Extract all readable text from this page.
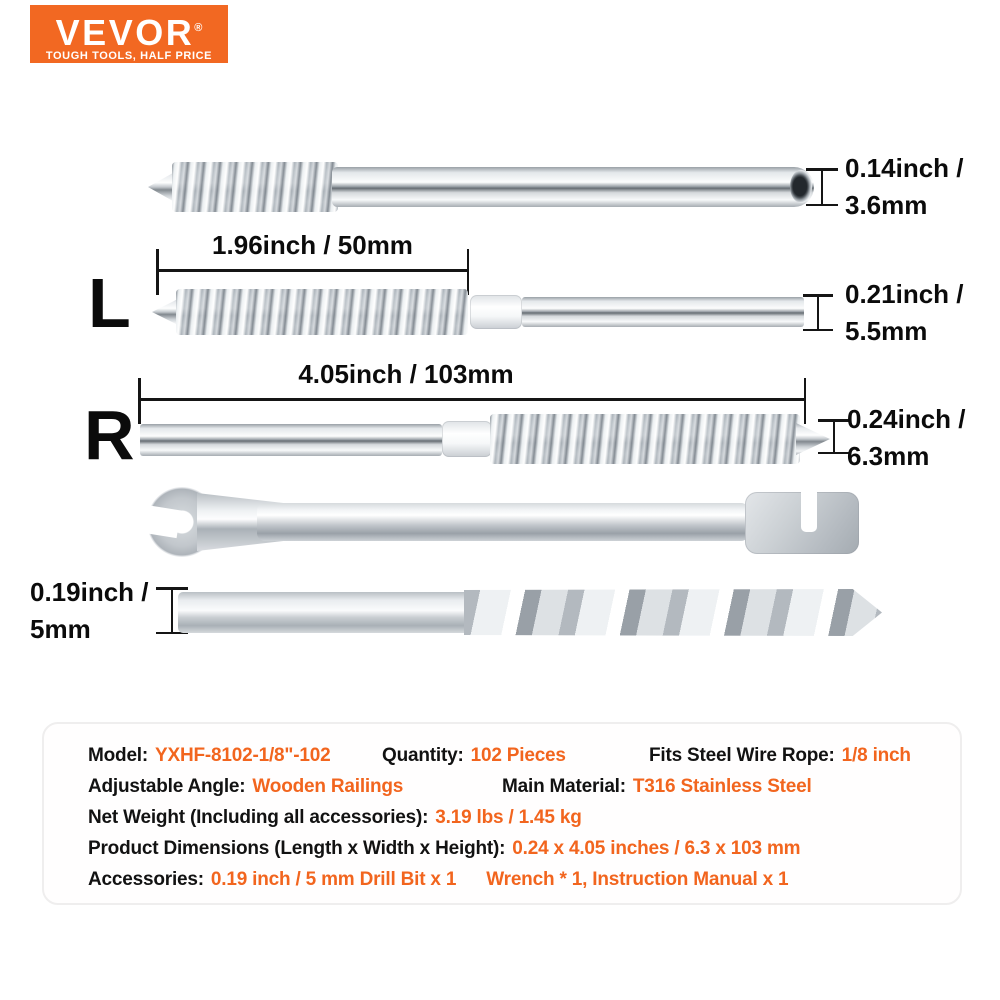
VEVOR®
TOUGH TOOLS, HALF PRICE
0.14inch /
3.6mm
L
1.96inch / 50mm
0.21inch /
5.5mm
R
4.05inch / 103mm
0.24inch /
6.3mm
0.19inch /
5mm
Model: YXHF-8102-1/8"-102	Quantity: 102 Pieces	Fits Steel Wire Rope: 1/8 inch
Adjustable Angle: Wooden Railings	Main Material: T316 Stainless Steel
Net Weight (Including all accessories): 3.19 lbs / 1.45 kg
Product Dimensions (Length x Width x Height): 0.24 x 4.05 inches / 6.3 x 103 mm
Accessories: 0.19 inch / 5 mm Drill Bit x 1 Wrench * 1, Instruction Manual x 1
